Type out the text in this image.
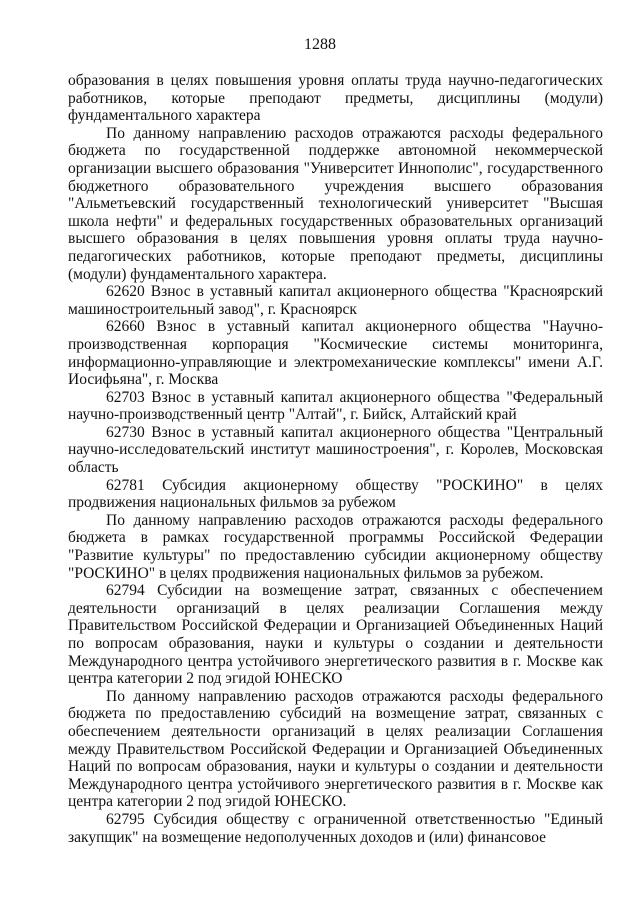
1288

образования в целях повышения уровня оплаты труда научно-педагогических работников, которые преподают предметы, дисциплины (модули) фундаментального характера

По данному направлению расходов отражаются расходы федерального бюджета по государственной поддержке автономной некоммерческой организации высшего образования "Университет Иннополис", государственного бюджетного образовательного учреждения высшего образования "Альметьевский государственный технологический университет "Высшая школа нефти" и федеральных государственных образовательных организаций высшего образования в целях повышения уровня оплаты труда научно-педагогических работников, которые преподают предметы, дисциплины (модули) фундаментального характера.

62620 Взнос в уставный капитал акционерного общества "Красноярский машиностроительный завод", г. Красноярск

62660 Взнос в уставный капитал акционерного общества "Научно-производственная корпорация "Космические системы мониторинга, информационно-управляющие и электромеханические комплексы" имени А.Г. Иосифьяна", г. Москва

62703 Взнос в уставный капитал акционерного общества "Федеральный научно-производственный центр "Алтай", г. Бийск, Алтайский край

62730 Взнос в уставный капитал акционерного общества "Центральный научно-исследовательский институт машиностроения", г. Королев, Московская область

62781 Субсидия акционерному обществу "РОСКИНО" в целях продвижения национальных фильмов за рубежом

По данному направлению расходов отражаются расходы федерального бюджета в рамках государственной программы Российской Федерации "Развитие культуры" по предоставлению субсидии акционерному обществу "РОСКИНО" в целях продвижения национальных фильмов за рубежом.

62794 Субсидии на возмещение затрат, связанных с обеспечением деятельности организаций в целях реализации Соглашения между Правительством Российской Федерации и Организацией Объединенных Наций по вопросам образования, науки и культуры о создании и деятельности Международного центра устойчивого энергетического развития в г. Москве как центра категории 2 под эгидой ЮНЕСКО

По данному направлению расходов отражаются расходы федерального бюджета по предоставлению субсидий на возмещение затрат, связанных с обеспечением деятельности организаций в целях реализации Соглашения между Правительством Российской Федерации и Организацией Объединенных Наций по вопросам образования, науки и культуры о создании и деятельности Международного центра устойчивого энергетического развития в г. Москве как центра категории 2 под эгидой ЮНЕСКО.

62795 Субсидия обществу с ограниченной ответственностью "Единый закупщик" на возмещение недополученных доходов и (или) финансовое
